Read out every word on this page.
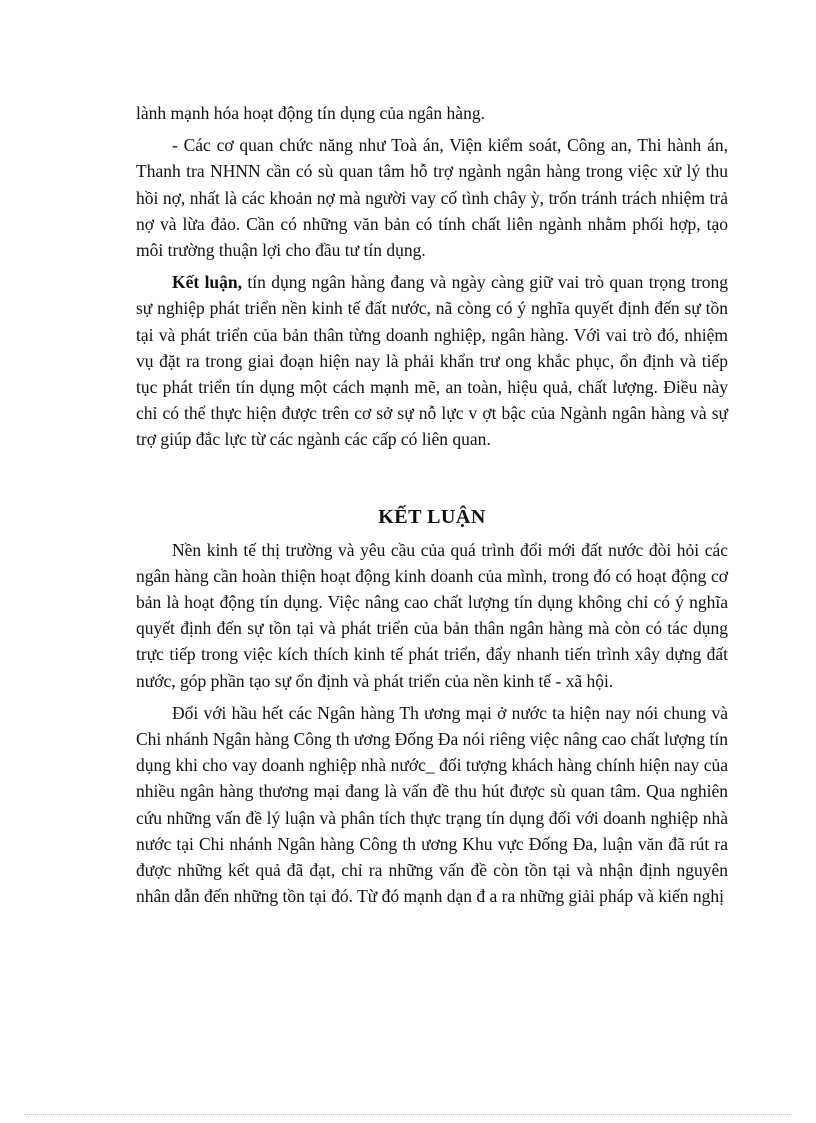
lành mạnh hóa hoạt động tín dụng của ngân hàng.

- Các cơ quan chức năng như Toà án, Viện kiểm soát, Công an, Thi hành án, Thanh tra NHNN cần có sù quan tâm hỗ trợ ngành ngân hàng trong việc xử lý thu hồi nợ, nhất là các khoản nợ mà người vay cố tình chây ỳ, trốn tránh trách nhiệm trả nợ và lừa đảo. Cần có những văn bản có tính chất liên ngành nhằm phối hợp, tạo môi trường thuận lợi cho đầu tư tín dụng.

Kết luận, tín dụng ngân hàng đang và ngày càng giữ vai trò quan trọng trong sự nghiệp phát triển nền kinh tế đất nước, nã còng có ý nghĩa quyết định đến sự tồn tại và phát triển của bản thân từng doanh nghiệp, ngân hàng. Với vai trò đó, nhiệm vụ đặt ra trong giai đoạn hiện nay là phải khẩn trư ong khắc phục, ổn định và tiếp tục phát triển tín dụng một cách mạnh mẽ, an toàn, hiệu quả, chất lượng. Điều này chỉ có thể thực hiện được trên cơ sở sự nỗ lực v ợt bậc của Ngành ngân hàng và sự trợ giúp đắc lực từ các ngành các cấp có liên quan.

KẾT LUẬN

Nền kinh tế thị trường và yêu cầu của quá trình đổi mới đất nước đòi hỏi các ngân hàng cần hoàn thiện hoạt động kinh doanh của mình, trong đó có hoạt động cơ bản là hoạt động tín dụng. Việc nâng cao chất lượng tín dụng không chỉ có ý nghĩa quyết định đến sự tồn tại và phát triển của bản thân ngân hàng mà còn có tác dụng trực tiếp trong việc kích thích kinh tế phát triển, đẩy nhanh tiến trình xây dựng đất nước, góp phần tạo sự ổn định và phát triển của nền kinh tế - xã hội.

Đối với hầu hết các Ngân hàng Th ương mại ở nước ta hiện nay nói chung và Chi nhánh Ngân hàng Công th ương Đống Đa nói riêng việc nâng cao chất lượng tín dụng khi cho vay doanh nghiệp nhà nước_ đối tượng khách hàng chính hiện nay của nhiều ngân hàng thương mại đang là vấn đề thu hút được sù quan tâm. Qua nghiên cứu những vấn đề lý luận và phân tích thực trạng tín dụng đối với doanh nghiệp nhà nước tại Chi nhánh Ngân hàng Công th ương Khu vực Đống Đa, luận văn đã rút ra được những kết quả đã đạt, chỉ ra những vấn đề còn tồn tại và nhận định nguyên nhân dẫn đến những tồn tại đó. Từ đó mạnh dạn đ a ra những giải pháp và kiến nghị
